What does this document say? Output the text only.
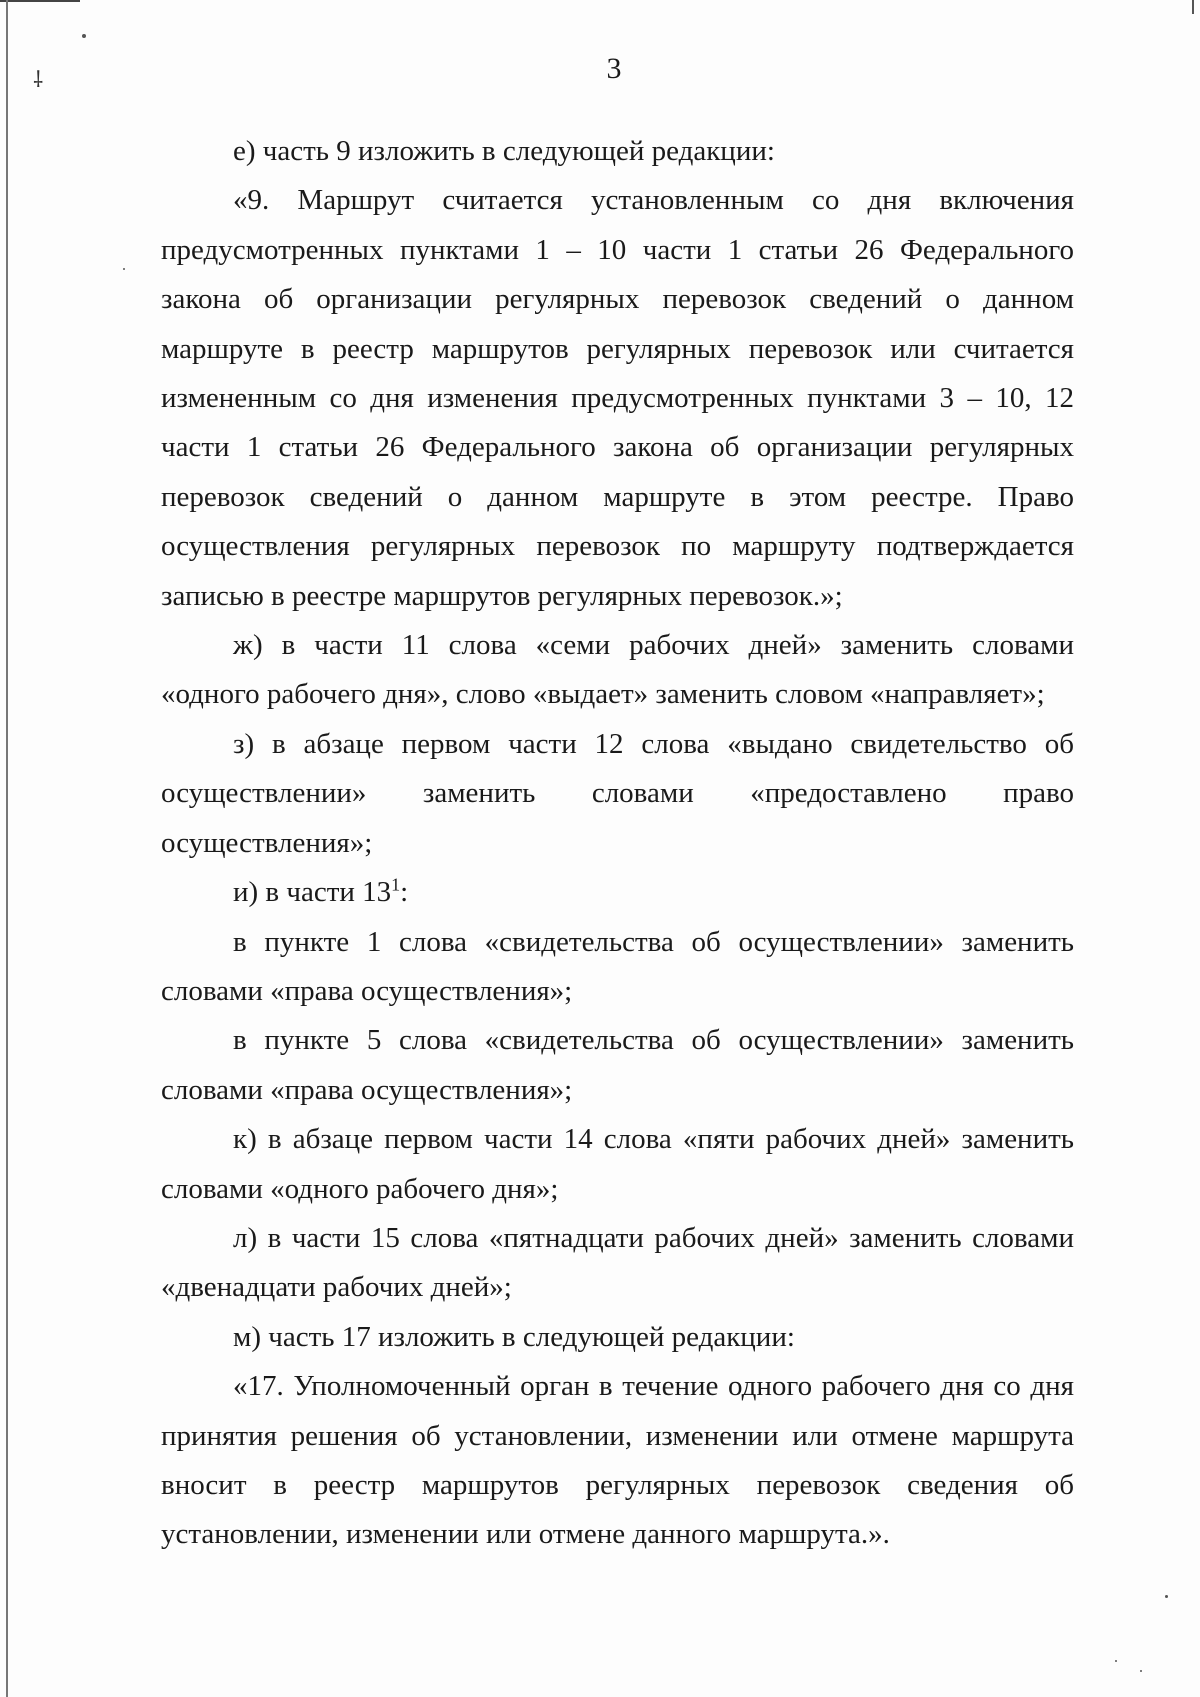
⸸	3

е) часть 9 изложить в следующей редакции:

«9. Маршрут считается установленным со дня включения предусмотренных пунктами 1 – 10 части 1 статьи 26 Федерального закона об организации регулярных перевозок сведений о данном маршруте в реестр маршрутов регулярных перевозок или считается измененным со дня изменения предусмотренных пунктами 3 – 10, 12 части 1 статьи 26 Федерального закона об организации регулярных перевозок сведений о данном маршруте в этом реестре. Право осуществления регулярных перевозок по маршруту подтверждается записью в реестре маршрутов регулярных перевозок.»;

ж) в части 11 слова «семи рабочих дней» заменить словами «одного рабочего дня», слово «выдает» заменить словом «направляет»;

з) в абзаце первом части 12 слова «выдано свидетельство об осуществлении» заменить словами «предоставлено право осуществления»;

и) в части $13^1$:

в пункте 1 слова «свидетельства об осуществлении» заменить словами «права осуществления»;

в пункте 5 слова «свидетельства об осуществлении» заменить словами «права осуществления»;

к) в абзаце первом части 14 слова «пяти рабочих дней» заменить словами «одного рабочего дня»;

л) в части 15 слова «пятнадцати рабочих дней» заменить словами «двенадцати рабочих дней»;

м) часть 17 изложить в следующей редакции:

«17. Уполномоченный орган в течение одного рабочего дня со дня принятия решения об установлении, изменении или отмене маршрута вносит в реестр маршрутов регулярных перевозок сведения об установлении, изменении или отмене данного маршрута.».
